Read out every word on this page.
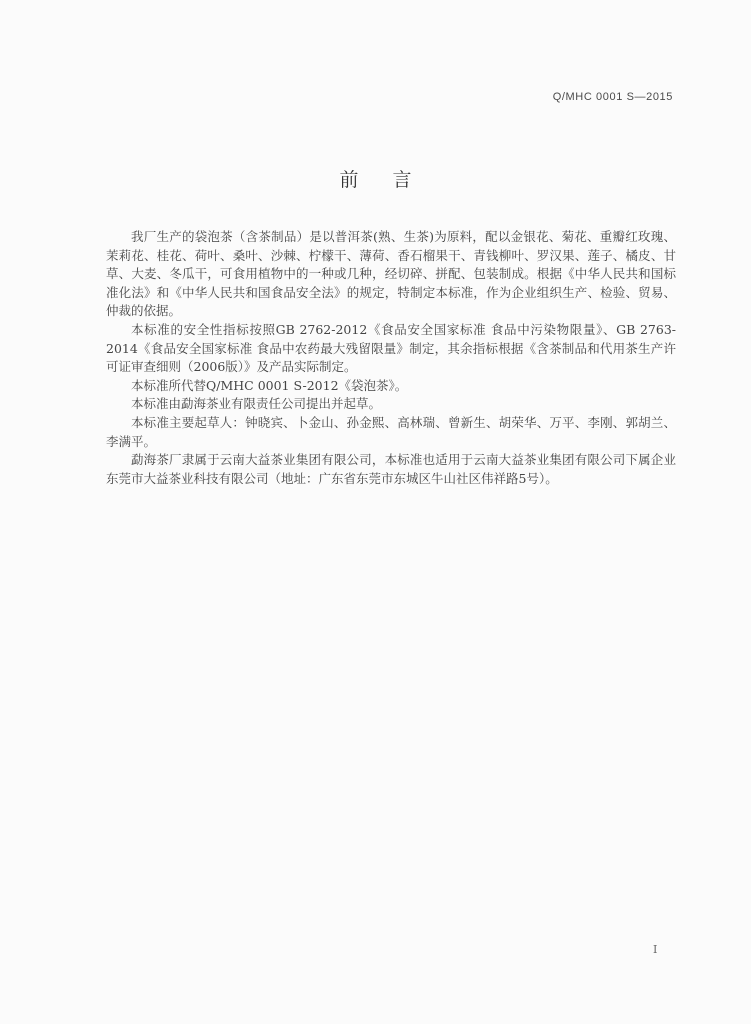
Q/MHC 0001 S—2015
前 言

我厂生产的袋泡茶（含茶制品）是以普洱茶(熟、生茶)为原料，配以金银花、菊花、重瓣红玫瑰、茉莉花、桂花、荷叶、桑叶、沙棘、柠檬干、薄荷、香石榴果干、青钱柳叶、罗汉果、莲子、橘皮、甘草、大麦、冬瓜干，可食用植物中的一种或几种，经切碎、拼配、包装制成。根据《中华人民共和国标准化法》和《中华人民共和国食品安全法》的规定，特制定本标准，作为企业组织生产、检验、贸易、仲裁的依据。

本标准的安全性指标按照GB 2762-2012《食品安全国家标准 食品中污染物限量》、GB 2763-2014《食品安全国家标准 食品中农药最大残留限量》制定，其余指标根据《含茶制品和代用茶生产许可证审查细则（2006版）》及产品实际制定。

本标准所代替Q/MHC 0001 S-2012《袋泡茶》。

本标准由勐海茶业有限责任公司提出并起草。

本标准主要起草人：钟晓宾、卜金山、孙金熙、高林瑞、曾新生、胡荣华、万平、李刚、郭胡兰、李满平。

勐海茶厂隶属于云南大益茶业集团有限公司，本标准也适用于云南大益茶业集团有限公司下属企业东莞市大益茶业科技有限公司（地址：广东省东莞市东城区牛山社区伟祥路5号）。

I
